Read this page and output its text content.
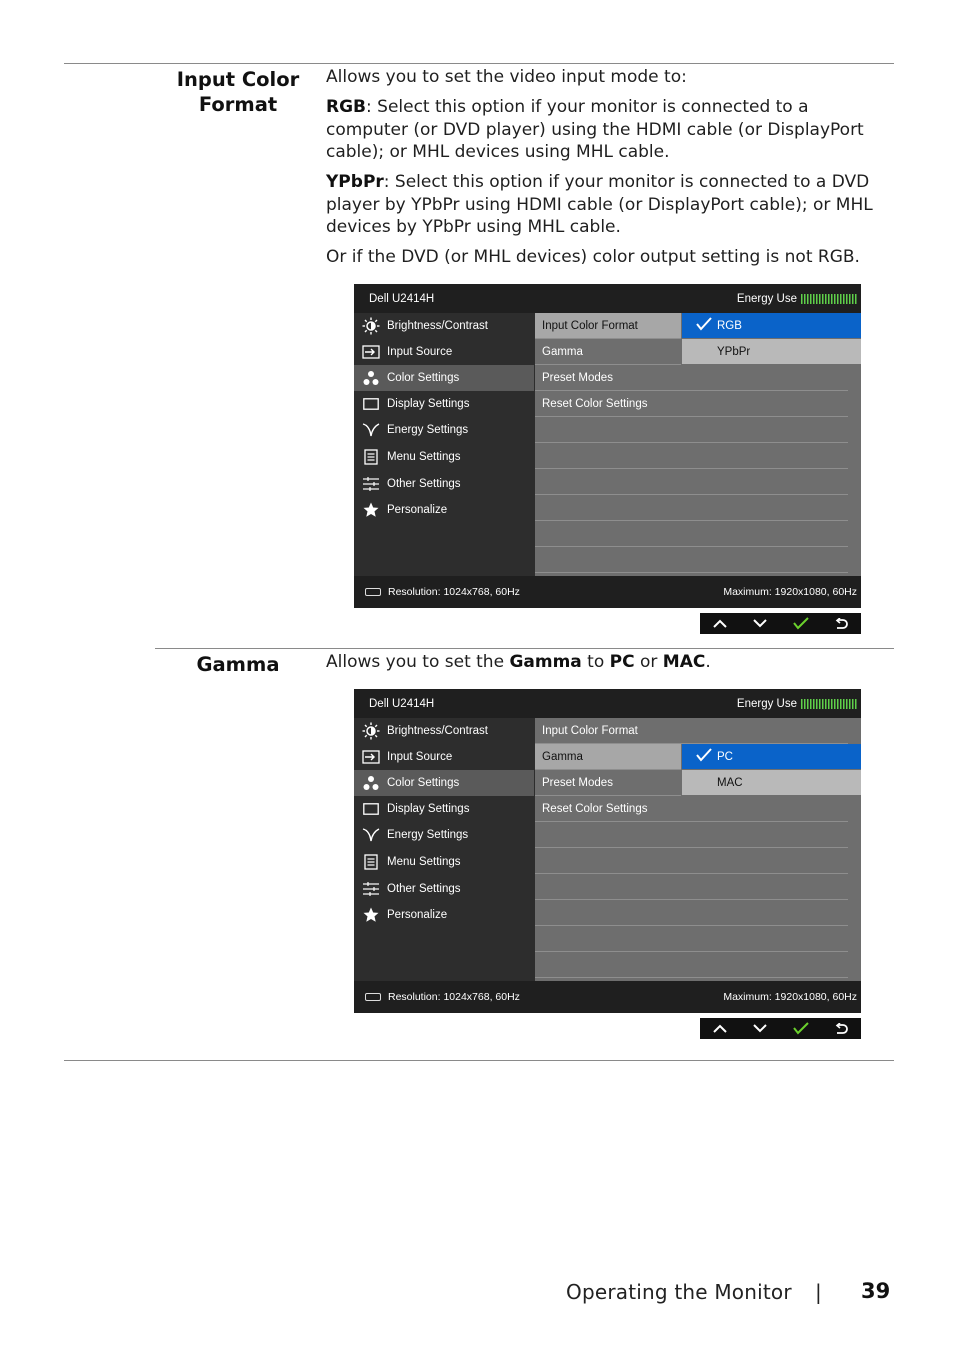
Input Color
Format

Allows you to set the video input mode to:

RGB: Select this option if your monitor is connected to a computer (or DVD player) using the HDMI cable (or DisplayPort cable); or MHL devices using MHL cable.

YPbPr: Select this option if your monitor is connected to a DVD player by YPbPr using HDMI cable (or DisplayPort cable); or MHL devices by YPbPr using MHL cable.

Or if the DVD (or MHL devices) color output setting is not RGB.

Dell U2414H	Energy Use
Brightness/Contrast
Input Source
Color Settings
Display Settings
Energy Settings
Menu Settings
Other Settings
Personalize
Input Color Format
Gamma
Preset Modes
Reset Color Settings
RGB
YPbPr
Resolution: 1024x768, 60Hz	Maximum: 1920x1080, 60Hz
Gamma	Allows you to set the Gamma to PC or MAC.

Dell U2414H	Energy Use
Brightness/Contrast
Input Source
Color Settings
Display Settings
Energy Settings
Menu Settings
Other Settings
Personalize
Input Color Format
Gamma
Preset Modes
Reset Color Settings
PC
MAC
Resolution: 1024x768, 60Hz	Maximum: 1920x1080, 60Hz
Operating the Monitor | 39
